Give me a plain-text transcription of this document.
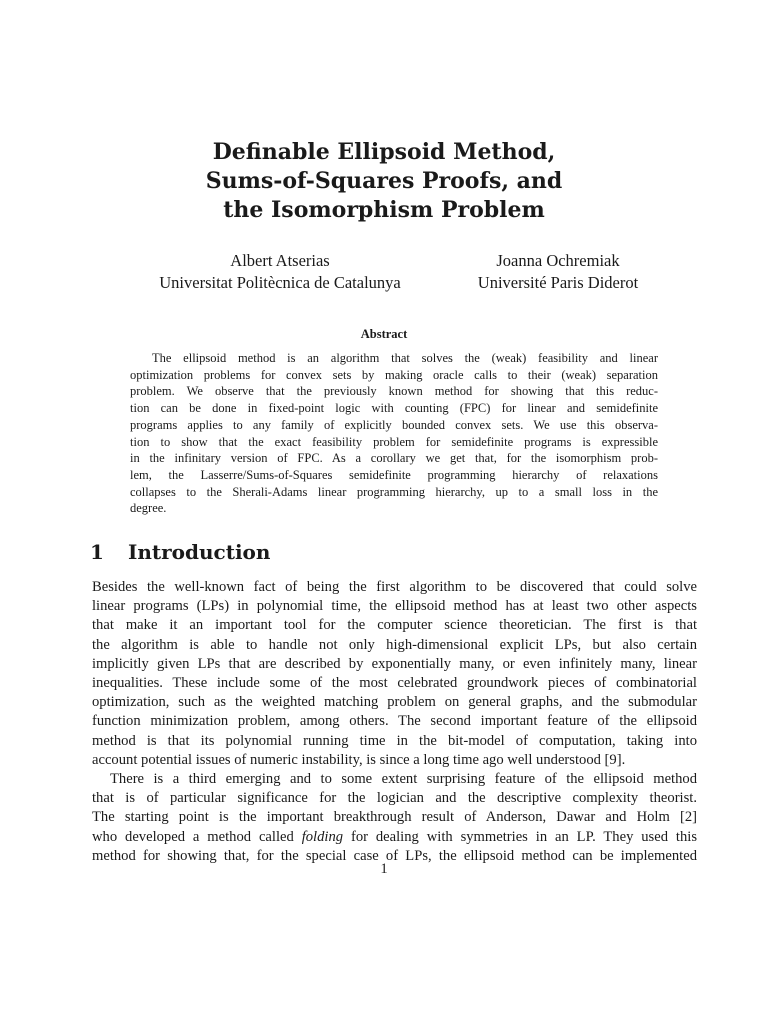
Definable Ellipsoid Method,
Sums-of-Squares Proofs, and
the Isomorphism Problem
Albert Atserias
Universitat Politècnica de Catalunya
Joanna Ochremiak
Université Paris Diderot
Abstract
The ellipsoid method is an algorithm that solves the (weak) feasibility and linear
optimization problems for convex sets by making oracle calls to their (weak) separation
problem. We observe that the previously known method for showing that this reduc-
tion can be done in fixed-point logic with counting (FPC) for linear and semidefinite
programs applies to any family of explicitly bounded convex sets. We use this observa-
tion to show that the exact feasibility problem for semidefinite programs is expressible
in the infinitary version of FPC. As a corollary we get that, for the isomorphism prob-
lem, the Lasserre/Sums-of-Squares semidefinite programming hierarchy of relaxations
collapses to the Sherali-Adams linear programming hierarchy, up to a small loss in the
degree.
1 Introduction
Besides the well-known fact of being the first algorithm to be discovered that could solve
linear programs (LPs) in polynomial time, the ellipsoid method has at least two other aspects
that make it an important tool for the computer science theoretician. The first is that
the algorithm is able to handle not only high-dimensional explicit LPs, but also certain
implicitly given LPs that are described by exponentially many, or even infinitely many, linear
inequalities. These include some of the most celebrated groundwork pieces of combinatorial
optimization, such as the weighted matching problem on general graphs, and the submodular
function minimization problem, among others. The second important feature of the ellipsoid
method is that its polynomial running time in the bit-model of computation, taking into
account potential issues of numeric instability, is since a long time ago well understood [9].
There is a third emerging and to some extent surprising feature of the ellipsoid method
that is of particular significance for the logician and the descriptive complexity theorist.
The starting point is the important breakthrough result of Anderson, Dawar and Holm [2]
who developed a method called folding for dealing with symmetries in an LP. They used this
method for showing that, for the special case of LPs, the ellipsoid method can be implemented
1
